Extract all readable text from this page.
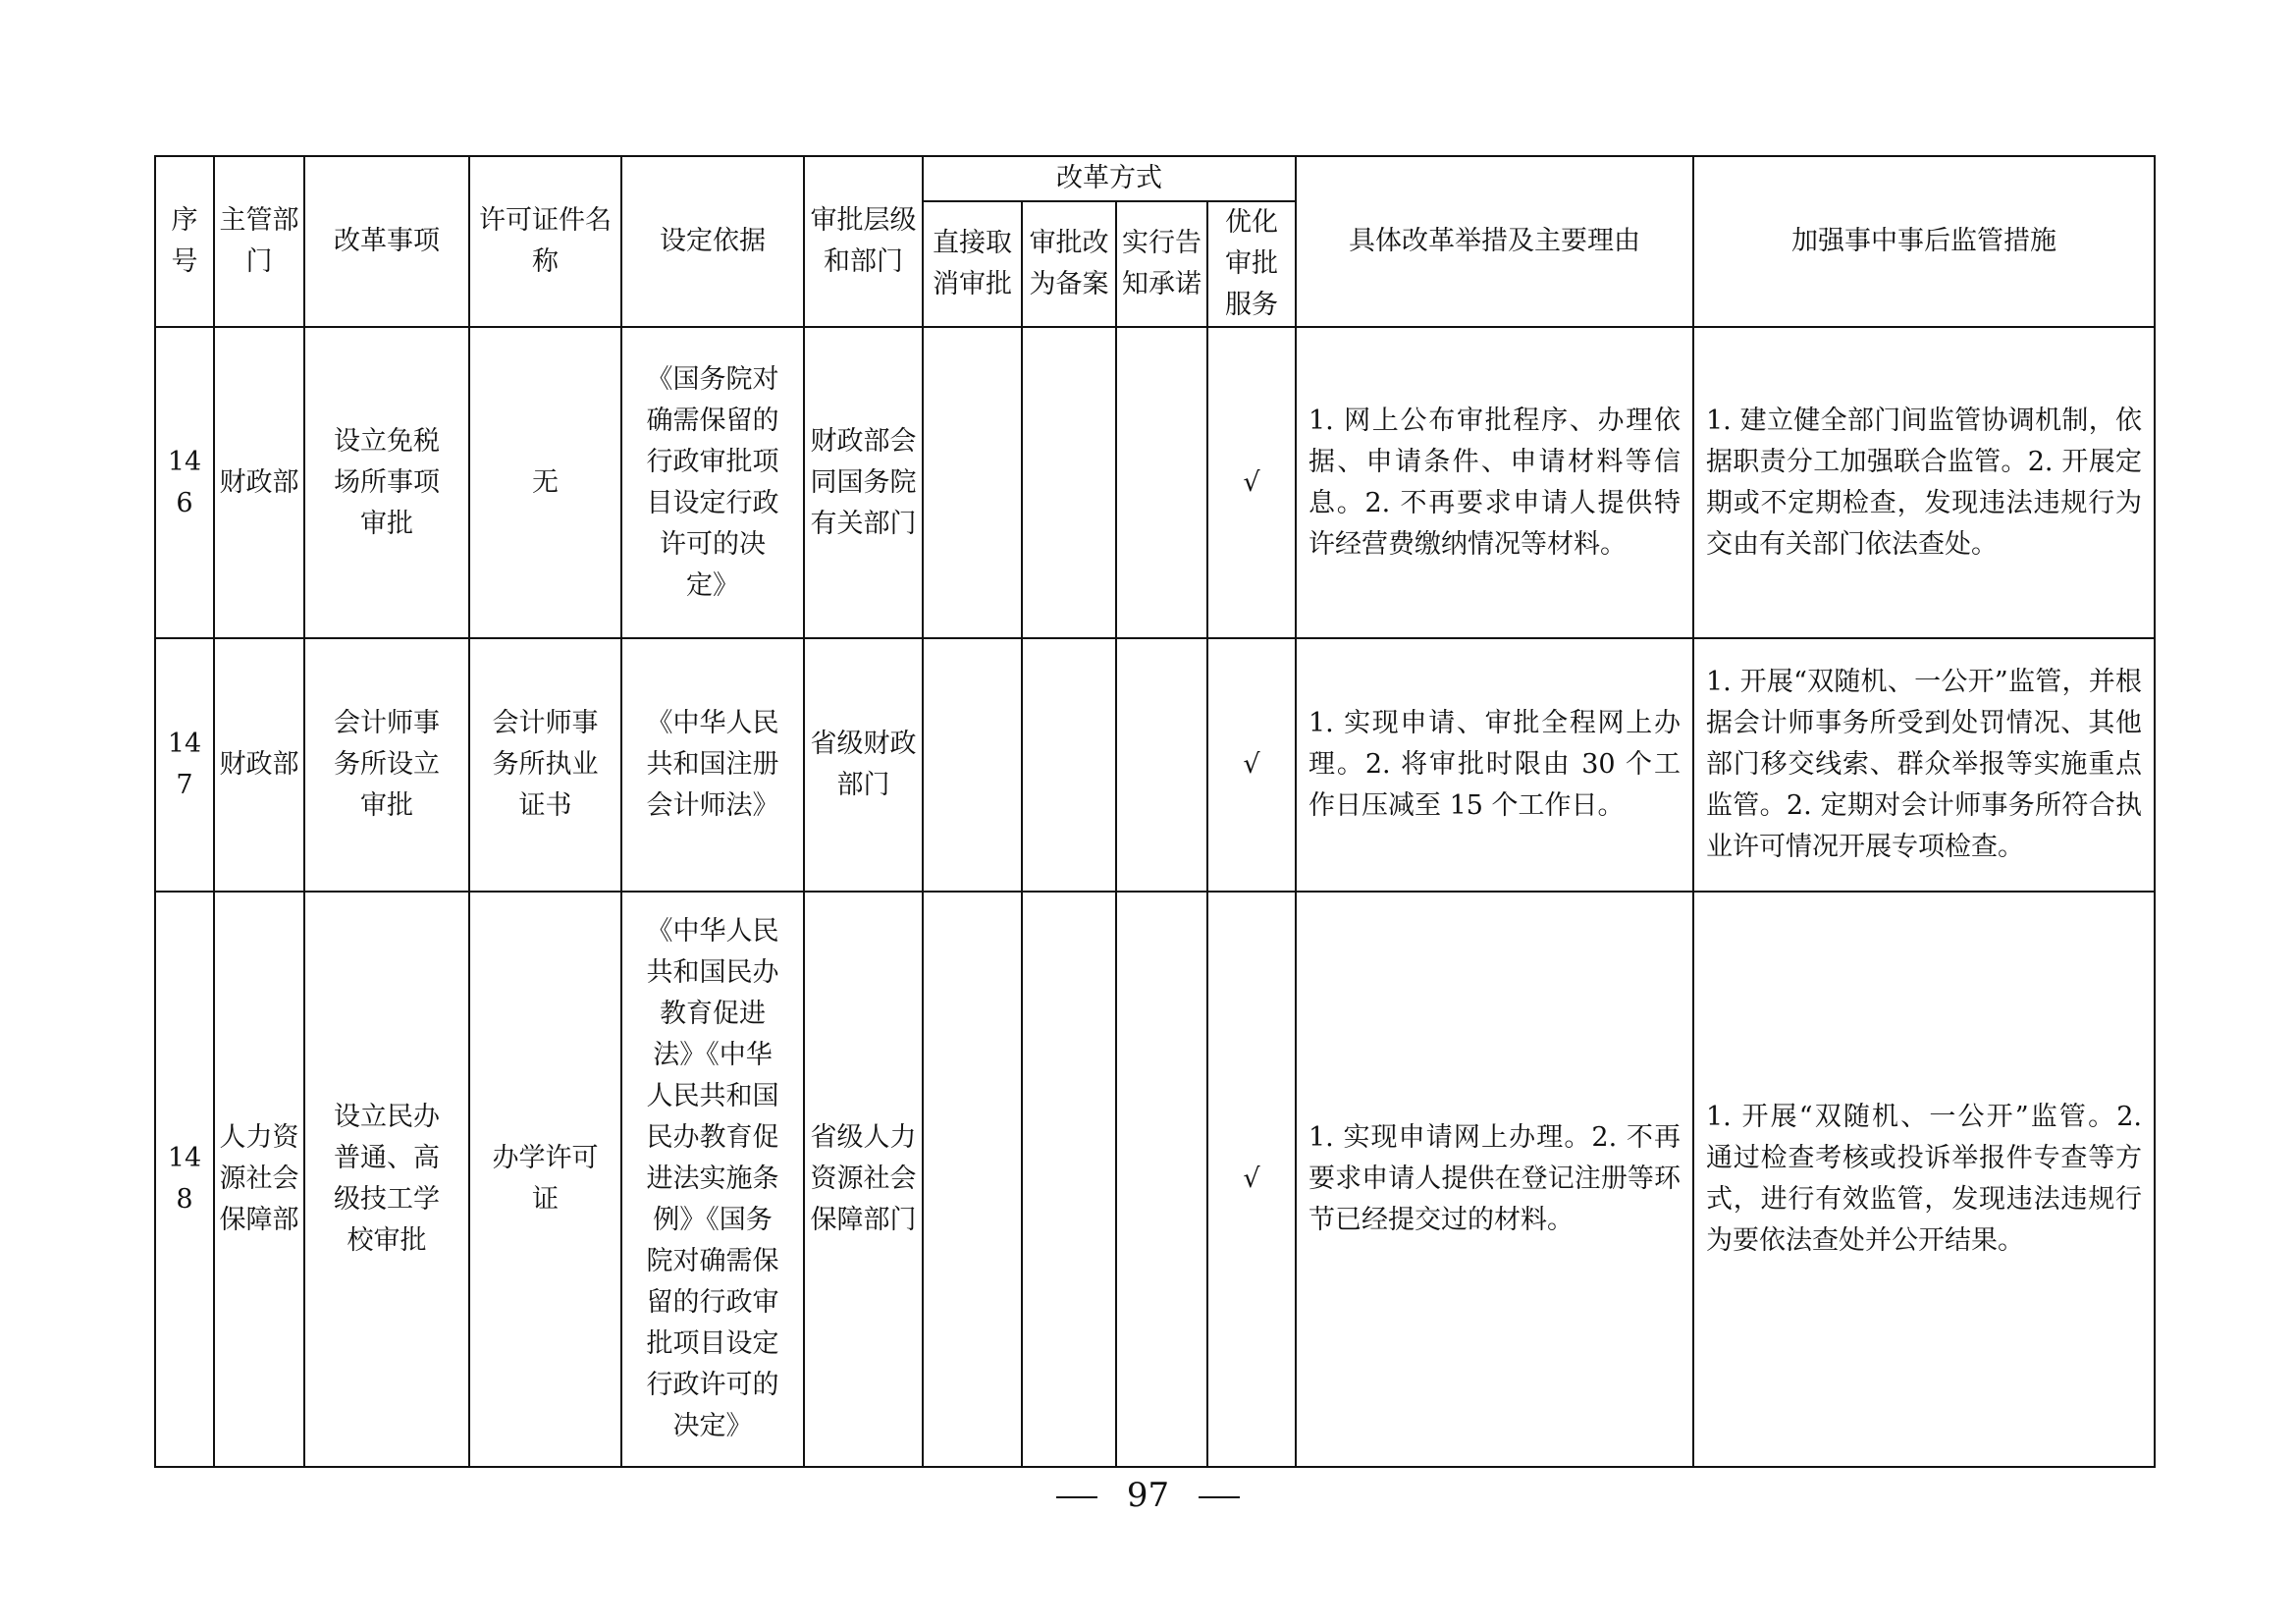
序号	主管部门	改革事项	许可证件名称	设定依据	审批层级和部门	改革方式				具体改革举措及主要理由	加强事中事后监管措施
						直接取消审批	审批改为备案	实行告知承诺	优化审批服务		
146	财政部	设立免税场所事项审批	无	《国务院对确需保留的行政审批项目设定行政许可的决定》	财政部会同国务院有关部门				√	1. 网上公布审批程序、办理依据、申请条件、申请材料等信息。2. 不再要求申请人提供特许经营费缴纳情况等材料。	1. 建立健全部门间监管协调机制，依据职责分工加强联合监管。2. 开展定期或不定期检查，发现违法违规行为交由有关部门依法查处。
147	财政部	会计师事务所设立审批	会计师事务所执业证书	《中华人民共和国注册会计师法》	省级财政部门				√	1. 实现申请、审批全程网上办理。2. 将审批时限由 30 个工作日压减至 15 个工作日。	1. 开展“双随机、一公开”监管，并根据会计师事务所受到处罚情况、其他部门移交线索、群众举报等实施重点监管。2. 定期对会计师事务所符合执业许可情况开展专项检查。
148	人力资源社会保障部	设立民办普通、高级技工学校审批	办学许可证	《中华人民共和国民办教育促进法》《中华人民共和国民办教育促进法实施条例》《国务院对确需保留的行政审批项目设定行政许可的决定》	省级人力资源社会保障部门				√	1. 实现申请网上办理。2. 不再要求申请人提供在登记注册等环节已经提交过的材料。	1. 开展“双随机、一公开”监管。2. 通过检查考核或投诉举报件专查等方式，进行有效监管，发现违法违规行为要依法查处并公开结果。
97
